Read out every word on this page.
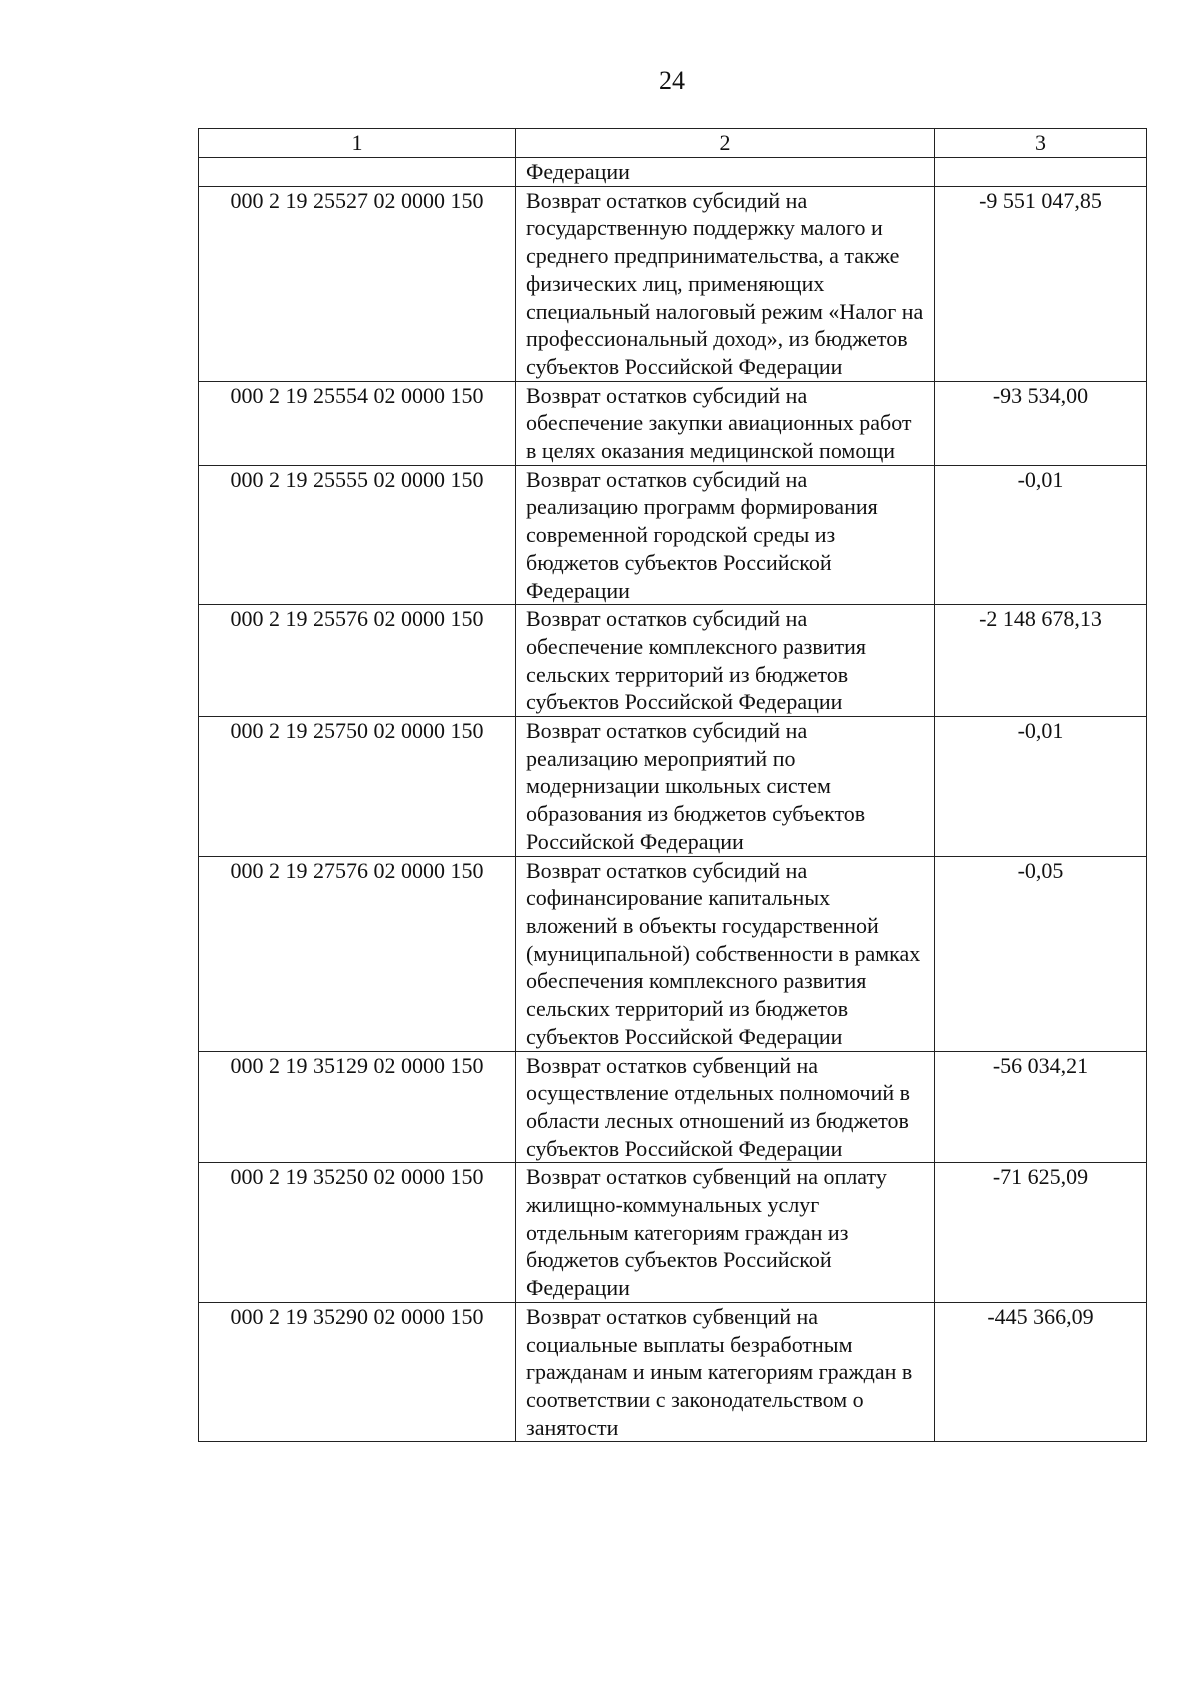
24
1	2	3
	Федерации	
000 2 19 25527 02 0000 150	Возврат остатков субсидий на государственную поддержку малого и среднего предпринимательства, а также физических лиц, применяющих специальный налоговый режим «Налог на профессиональный доход», из бюджетов субъектов Российской Федерации	-9 551 047,85
000 2 19 25554 02 0000 150	Возврат остатков субсидий на обеспечение закупки авиационных работ в целях оказания медицинской помощи	-93 534,00
000 2 19 25555 02 0000 150	Возврат остатков субсидий на реализацию программ формирования современной городской среды из бюджетов субъектов Российской Федерации	-0,01
000 2 19 25576 02 0000 150	Возврат остатков субсидий на обеспечение комплексного развития сельских территорий из бюджетов субъектов Российской Федерации	-2 148 678,13
000 2 19 25750 02 0000 150	Возврат остатков субсидий на реализацию мероприятий по модернизации школьных систем образования из бюджетов субъектов Российской Федерации	-0,01
000 2 19 27576 02 0000 150	Возврат остатков субсидий на софинансирование капитальных вложений в объекты государственной (муниципальной) собственности в рамках обеспечения комплексного развития сельских территорий из бюджетов субъектов Российской Федерации	-0,05
000 2 19 35129 02 0000 150	Возврат остатков субвенций на осуществление отдельных полномочий в области лесных отношений из бюджетов субъектов Российской Федерации	-56 034,21
000 2 19 35250 02 0000 150	Возврат остатков субвенций на оплату жилищно-коммунальных услуг отдельным категориям граждан из бюджетов субъектов Российской Федерации	-71 625,09
000 2 19 35290 02 0000 150	Возврат остатков субвенций на социальные выплаты безработным гражданам и иным категориям граждан в соответствии с законодательством о занятости	-445 366,09
